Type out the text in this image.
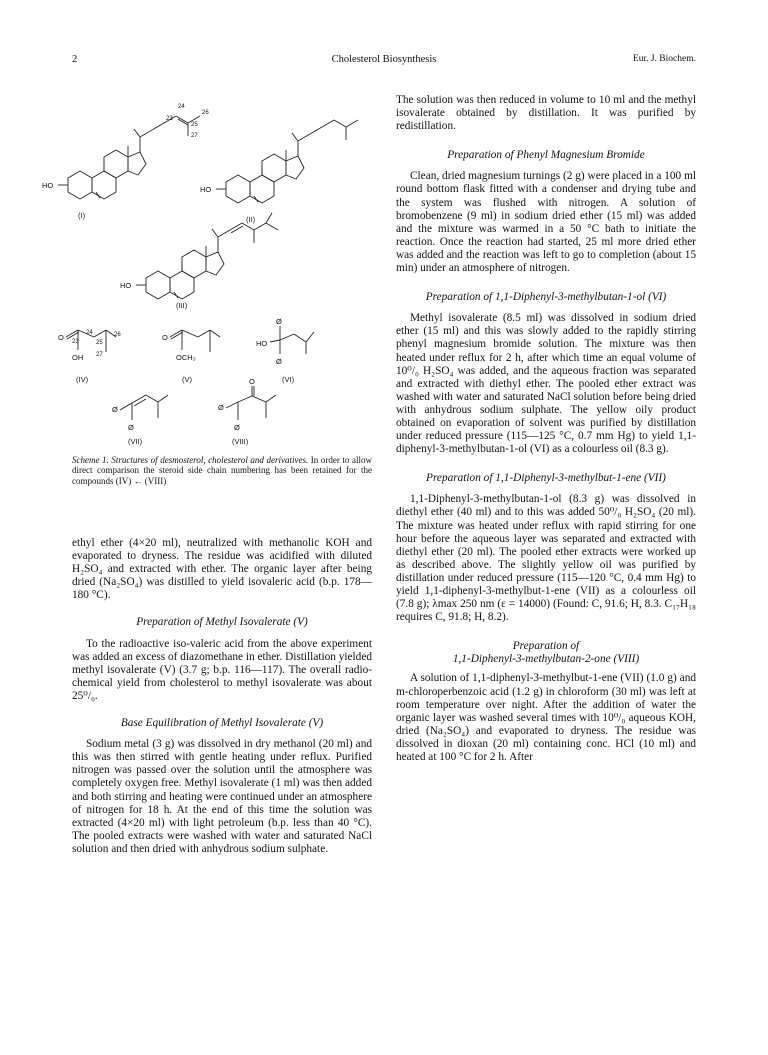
2	Cholesterol Biosynthesis	Eur. J. Biochem.
HO	HO
HO
24
23
25
26
27
24
23	25
26
27
O
OH
O
OCH₃
Ø
HO
Ø
Ø
Ø
Ø
O
Ø
(I)	(II)
(III)
(IV)	(V)	(VI)
(VII)	(VIII)
Scheme 1. Structures of desmosterol, cholesterol and derivatives. In order to allow direct comparison the steroid side chain numbering has been retained for the compounds (IV) ← (VIII)

ethyl ether (4×20 ml), neutralized with methanolic KOH and evaporated to dryness. The residue was acidified with diluted H₂SO₄ and extracted with ether. The organic layer after being dried (Na₂SO₄) was distilled to yield isovaleric acid (b.p. 178—180 °C).

Preparation of Methyl Isovalerate (V)

To the radioactive iso-valeric acid from the above experiment was added an excess of diazomethane in ether. Distillation yielded methyl isovalerate (V) (3.7 g; b.p. 116—117). The overall radiochemical yield from cholesterol to methyl isovalerate was about 25⁰/₀.

Base Equilibration of Methyl Isovalerate (V)

Sodium metal (3 g) was dissolved in dry methanol (20 ml) and this was then stirred with gentle heating under reflux. Purified nitrogen was passed over the solution until the atmosphere was completely oxygen free. Methyl isovalerate (1 ml) was then added and both stirring and heating were continued under an atmosphere of nitrogen for 18 h. At the end of this time the solution was extracted (4×20 ml) with light petroleum (b.p. less than 40 °C). The pooled extracts were washed with water and saturated NaCl solution and then dried with anhydrous sodium sulphate.

The solution was then reduced in volume to 10 ml and the methyl isovalerate obtained by distillation. It was purified by redistillation.

Preparation of Phenyl Magnesium Bromide

Clean, dried magnesium turnings (2 g) were placed in a 100 ml round bottom flask fitted with a condenser and drying tube and the system was flushed with nitrogen. A solution of bromobenzene (9 ml) in sodium dried ether (15 ml) was added and the mixture was warmed in a 50 °C bath to initiate the reaction. Once the reaction had started, 25 ml more dried ether was added and the reaction was left to go to completion (about 15 min) under an atmosphere of nitrogen.

Preparation of 1,1-Diphenyl-3-methylbutan-1-ol (VI)

Methyl isovalerate (8.5 ml) was dissolved in sodium dried ether (15 ml) and this was slowly added to the rapidly stirring phenyl magnesium bromide solution. The mixture was then heated under reflux for 2 h, after which time an equal volume of 10⁰/₀ H₂SO₄ was added, and the aqueous fraction was separated and extracted with diethyl ether. The pooled ether extract was washed with water and saturated NaCl solution before being dried with anhydrous sodium sulphate. The yellow oily product obtained on evaporation of solvent was purified by distillation under reduced pressure (115—125 °C, 0.7 mm Hg) to yield 1,1-diphenyl-3-methylbutan-1-ol (VI) as a colourless oil (8.3 g).

Preparation of 1,1-Diphenyl-3-methylbut-1-ene (VII)

1,1-Diphenyl-3-methylbutan-1-ol (8.3 g) was dissolved in diethyl ether (40 ml) and to this was added 50⁰/₀ H₂SO₄ (20 ml). The mixture was heated under reflux with rapid stirring for one hour before the aqueous layer was separated and extracted with diethyl ether (20 ml). The pooled ether extracts were worked up as described above. The slightly yellow oil was purified by distillation under reduced pressure (115—120 °C, 0.4 mm Hg) to yield 1,1-diphenyl-3-methylbut-1-ene (VII) as a colourless oil (7.8 g); λmax 250 nm (ε = 14000) (Found: C, 91.6; H, 8.3. C₁₇H₁₈ requires C, 91.8; H, 8.2).

Preparation of
1,1-Diphenyl-3-methylbutan-2-one (VIII)

A solution of 1,1-diphenyl-3-methylbut-1-ene (VII) (1.0 g) and m-chloroperbenzoic acid (1.2 g) in chloroform (30 ml) was left at room temperature over night. After the addition of water the organic layer was washed several times with 10⁰/₀ aqueous KOH, dried (Na₂SO₄) and evaporated to dryness. The residue was dissolved in dioxan (20 ml) containing conc. HCl (10 ml) and heated at 100 °C for 2 h. After
